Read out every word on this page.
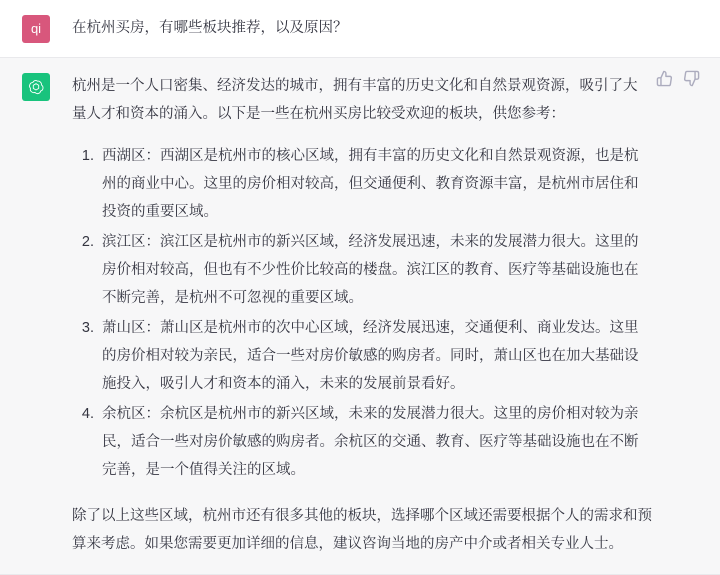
qi	在杭州买房，有哪些板块推荐，以及原因？

杭州是一个人口密集、经济发达的城市，拥有丰富的历史文化和自然景观资源，吸引了大量人才和资本的涌入。以下是一些在杭州买房比较受欢迎的板块，供您参考：

1. 西湖区：西湖区是杭州市的核心区域，拥有丰富的历史文化和自然景观资源，也是杭州的商业中心。这里的房价相对较高，但交通便利、教育资源丰富，是杭州市居住和投资的重要区域。
2. 滨江区：滨江区是杭州市的新兴区域，经济发展迅速，未来的发展潜力很大。这里的房价相对较高，但也有不少性价比较高的楼盘。滨江区的教育、医疗等基础设施也在不断完善，是杭州不可忽视的重要区域。
3. 萧山区：萧山区是杭州市的次中心区域，经济发展迅速，交通便利、商业发达。这里的房价相对较为亲民，适合一些对房价敏感的购房者。同时，萧山区也在加大基础设施投入，吸引人才和资本的涌入，未来的发展前景看好。
4. 余杭区：余杭区是杭州市的新兴区域，未来的发展潜力很大。这里的房价相对较为亲民，适合一些对房价敏感的购房者。余杭区的交通、教育、医疗等基础设施也在不断完善，是一个值得关注的区域。

除了以上这些区域，杭州市还有很多其他的板块，选择哪个区域还需要根据个人的需求和预算来考虑。如果您需要更加详细的信息，建议咨询当地的房产中介或者相关专业人士。
